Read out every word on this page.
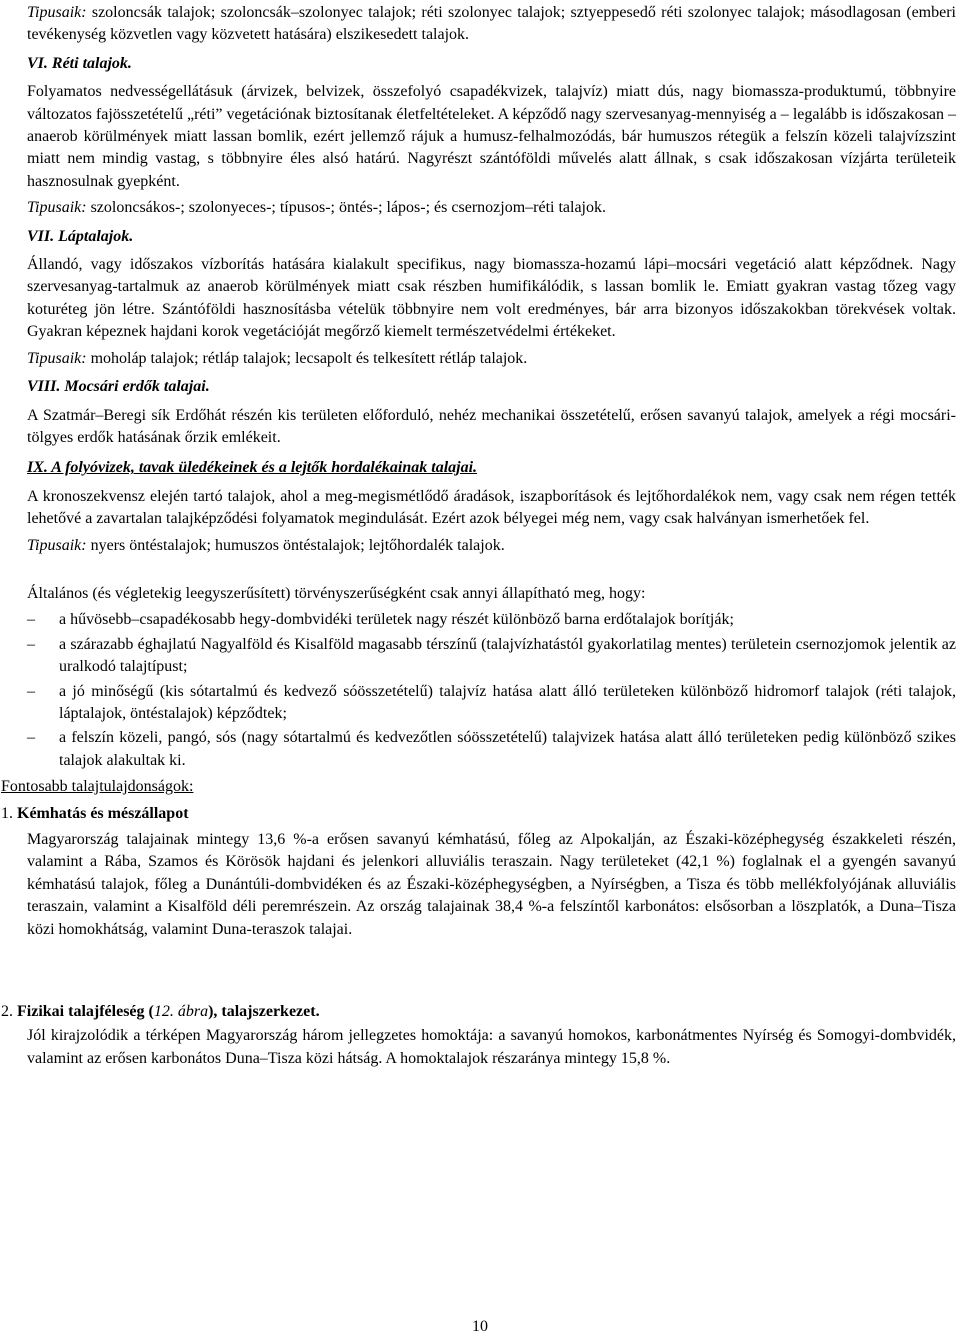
Tipusaik: szoloncsák talajok; szoloncsák–szolonyec talajok; réti szolonyec talajok; sztyeppesedő réti szolonyec talajok; másodlagosan (emberi tevékenység közvetlen vagy közvetett hatására) elszikesedett talajok.

VI. Réti talajok.

Folyamatos nedvességellátásuk (árvizek, belvizek, összefolyó csapadékvizek, talajvíz) miatt dús, nagy biomassza-produktumú, többnyire változatos fajösszetételű „réti” vegetációnak biztosítanak életfeltételeket. A képződő nagy szervesanyag-mennyiség a – legalább is időszakosan – anaerob körülmények miatt lassan bomlik, ezért jellemző rájuk a humusz-felhalmozódás, bár humuszos rétegük a felszín közeli talajvízszint miatt nem mindig vastag, s többnyire éles alsó határú. Nagyrészt szántóföldi művelés alatt állnak, s csak időszakosan vízjárta területeik hasznosulnak gyepként.

Tipusaik: szoloncsákos-; szolonyeces-; típusos-; öntés-; lápos-; és csernozjom–réti talajok.

VII. Láptalajok.

Állandó, vagy időszakos vízborítás hatására kialakult specifikus, nagy biomassza-hozamú lápi–mocsári vegetáció alatt képződnek. Nagy szervesanyag-tartalmuk az anaerob körülmények miatt csak részben humifikálódik, s lassan bomlik le. Emiatt gyakran vastag tőzeg vagy koturéteg jön létre. Szántóföldi hasznosításba vételük többnyire nem volt eredményes, bár arra bizonyos időszakokban törekvések voltak. Gyakran képeznek hajdani korok vegetációját megőrző kiemelt természetvédelmi értékeket.

Tipusaik: moholáp talajok; rétláp talajok; lecsapolt és telkesített rétláp talajok.

VIII. Mocsári erdők talajai.

A Szatmár–Beregi sík Erdőhát részén kis területen előforduló, nehéz mechanikai összetételű, erősen savanyú talajok, amelyek a régi mocsári-tölgyes erdők hatásának őrzik emlékeit.

IX. A folyóvizek, tavak üledékeinek és a lejtők hordalékainak talajai.

A kronoszekvensz elején tartó talajok, ahol a meg-megismétlődő áradások, iszapborítások és lejtőhordalékok nem, vagy csak nem régen tették lehetővé a zavartalan talajképződési folyamatok megindulását. Ezért azok bélyegei még nem, vagy csak halványan ismerhetőek fel.

Tipusaik: nyers öntéstalajok; humuszos öntéstalajok; lejtőhordalék talajok.

Általános (és végletekig leegyszerűsített) törvényszerűségként csak annyi állapítható meg, hogy:

– a hűvösebb–csapadékosabb hegy-dombvidéki területek nagy részét különböző barna erdőtalajok borítják;
– a szárazabb éghajlatú Nagyalföld és Kisalföld magasabb térszínű (talajvízhatástól gyakorlatilag mentes) területein csernozjomok jelentik az uralkodó talajtípust;
– a jó minőségű (kis sótartalmú és kedvező sóösszetételű) talajvíz hatása alatt álló területeken különböző hidromorf talajok (réti talajok, láptalajok, öntéstalajok) képződtek;
– a felszín közeli, pangó, sós (nagy sótartalmú és kedvezőtlen sóösszetételű) talajvizek hatása alatt álló területeken pedig különböző szikes talajok alakultak ki.

Fontosabb talajtulajdonságok:

1. Kémhatás és mészállapot

Magyarország talajainak mintegy 13,6 %-a erősen savanyú kémhatású, főleg az Alpokalján, az Északi-középhegység északkeleti részén, valamint a Rába, Szamos és Körösök hajdani és jelenkori alluviális teraszain. Nagy területeket (42,1 %) foglalnak el a gyengén savanyú kémhatású talajok, főleg a Dunántúli-dombvidéken és az Északi-középhegységben, a Nyírségben, a Tisza és több mellékfolyójának alluviális teraszain, valamint a Kisalföld déli peremrészein. Az ország talajainak 38,4 %-a felszíntől karbonátos: elsősorban a löszplatók, a Duna–Tisza közi homokhátság, valamint Duna-teraszok talajai.

2. Fizikai talajféleség (12. ábra), talajszerkezet.

Jól kirajzolódik a térképen Magyarország három jellegzetes homoktája: a savanyú homokos, karbonátmentes Nyírség és Somogyi-dombvidék, valamint az erősen karbonátos Duna–Tisza közi hátság. A homoktalajok részaránya mintegy 15,8 %.

10
